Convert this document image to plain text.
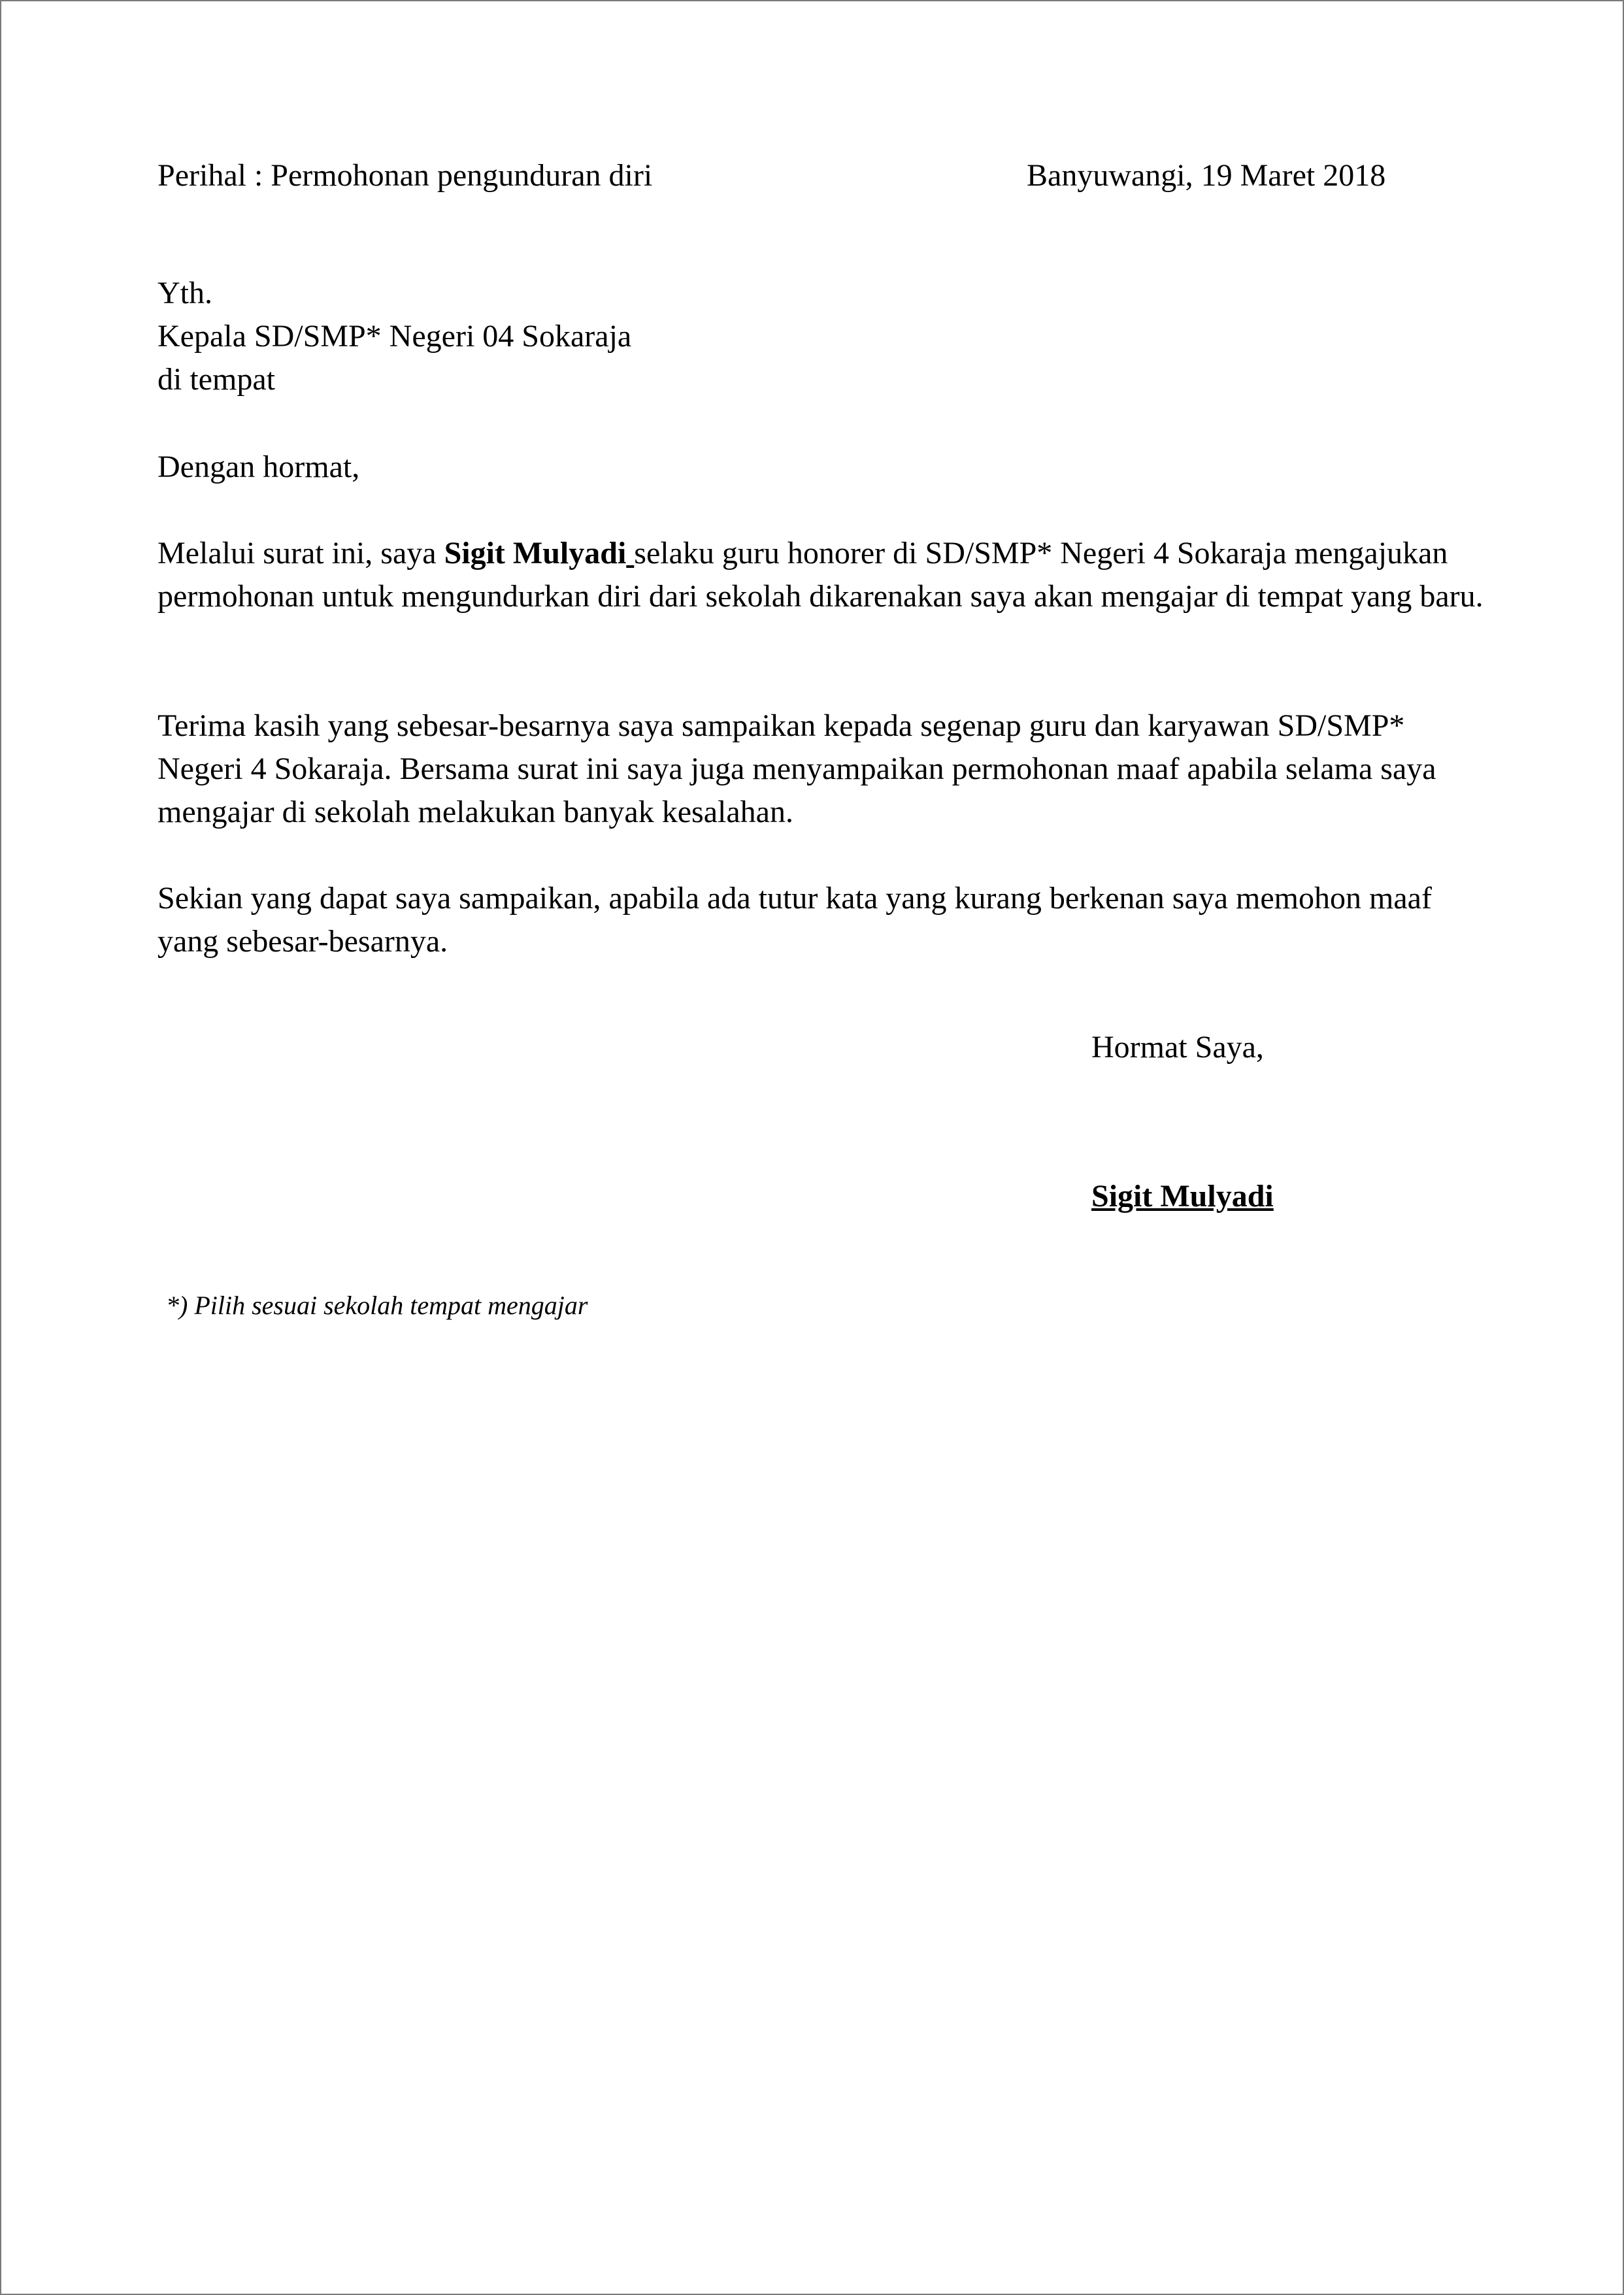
Perihal : Permohonan pengunduran diri	Banyuwangi, 19 Maret 2018
Yth.
Kepala SD/SMP* Negeri 04 Sokaraja
di tempat
Dengan hormat,
Melalui surat ini, saya Sigit Mulyadi selaku guru honorer di SD/SMP* Negeri 4 Sokaraja mengajukan permohonan untuk mengundurkan diri dari sekolah dikarenakan saya akan mengajar di tempat yang baru.
Terima kasih yang sebesar-besarnya saya sampaikan kepada segenap guru dan karyawan SD/SMP* Negeri 4 Sokaraja. Bersama surat ini saya juga menyampaikan permohonan maaf apabila selama saya mengajar di sekolah melakukan banyak kesalahan.
Sekian yang dapat saya sampaikan, apabila ada tutur kata yang kurang berkenan saya memohon maaf yang sebesar-besarnya.
Hormat Saya,
Sigit Mulyadi
*) Pilih sesuai sekolah tempat mengajar
